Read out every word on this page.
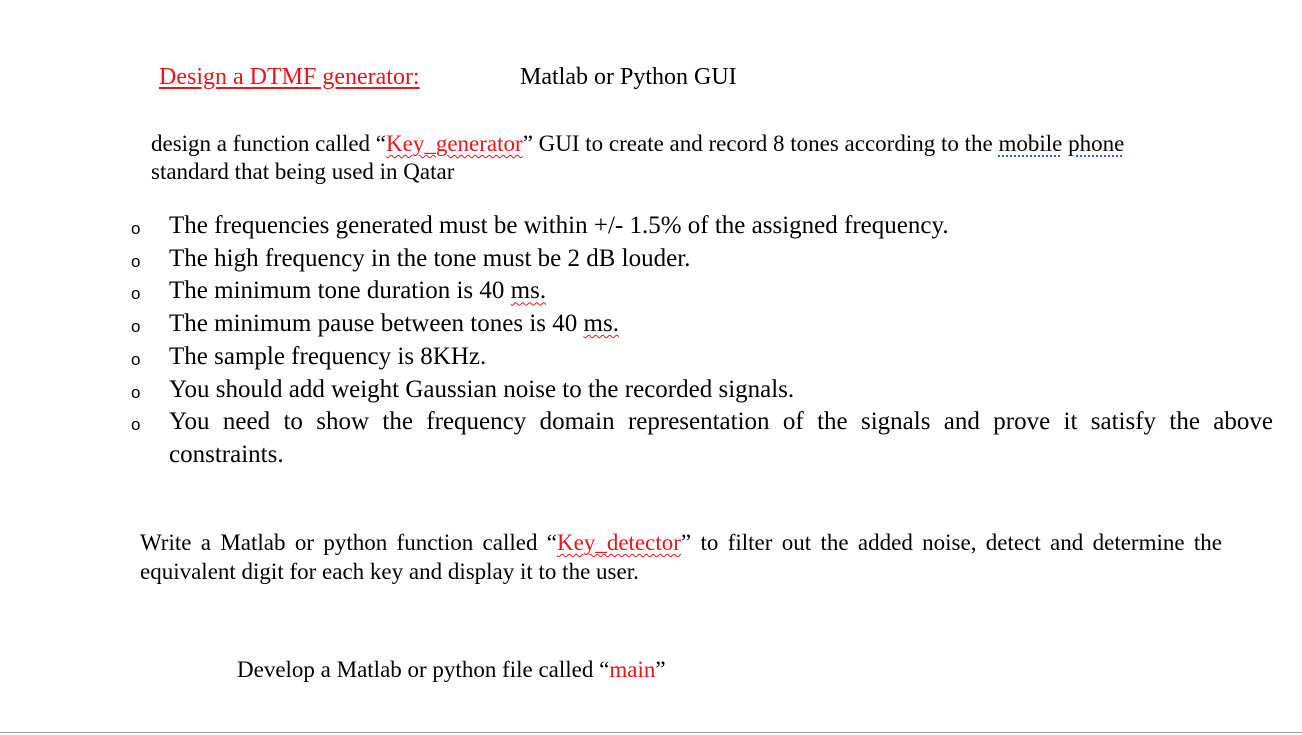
Design a DTMF generator:	Matlab or Python GUI
design a function called “Key_generator” GUI to create and record 8 tones according to the mobile phone standard that being used in Qatar
o The frequencies generated must be within +/- 1.5% of the assigned frequency.
o The high frequency in the tone must be 2 dB louder.
o The minimum tone duration is 40 ms.
o The minimum pause between tones is 40 ms.
o The sample frequency is 8KHz.
o You should add weight Gaussian noise to the recorded signals.
o You need to show the frequency domain representation of the signals and prove it satisfy the above constraints.
Write a Matlab or python function called “Key_detector” to filter out the added noise, detect and determine the equivalent digit for each key and display it to the user.
Develop a Matlab or python file called “main”
